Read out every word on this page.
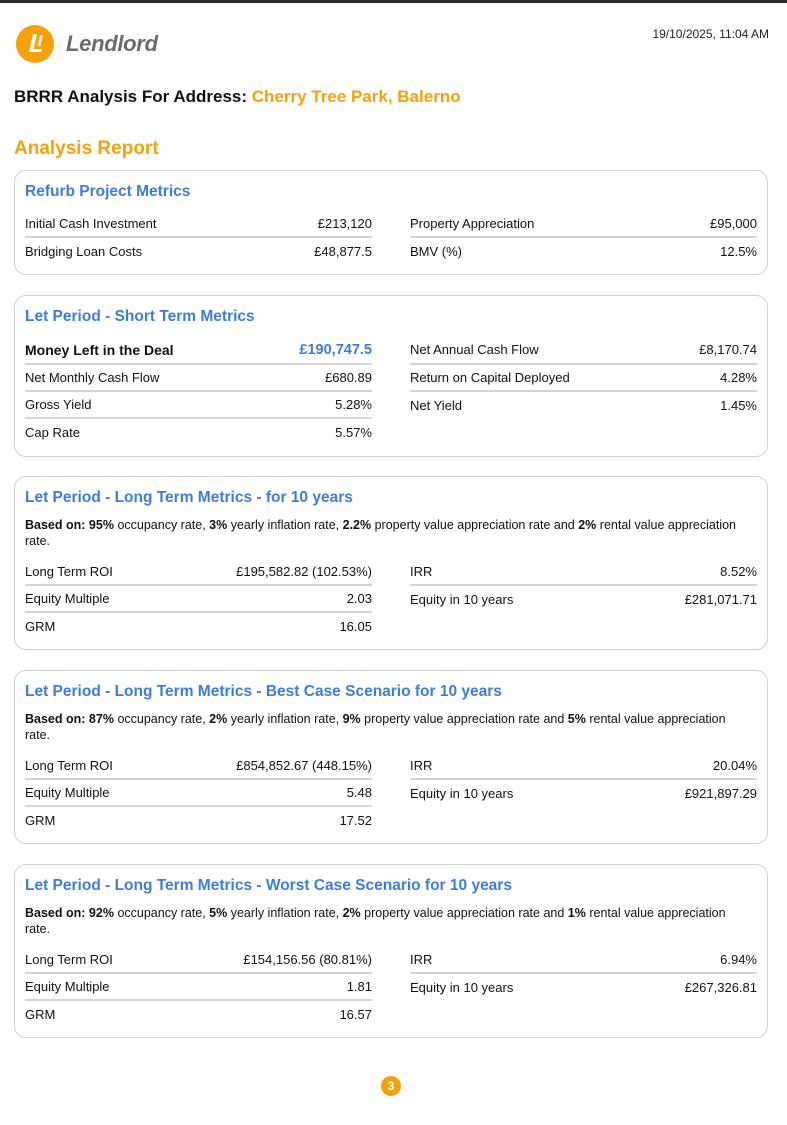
Lendlord	19/10/2025, 11:04 AM
BRRR Analysis For Address: Cherry Tree Park, Balerno
Analysis Report
Refurb Project Metrics
Initial Cash Investment	£213,120
Bridging Loan Costs	£48,877.5
Property Appreciation	£95,000
BMV (%)	12.5%
Let Period - Short Term Metrics
Money Left in the Deal	£190,747.5
Net Monthly Cash Flow	£680.89
Gross Yield	5.28%
Cap Rate	5.57%
Net Annual Cash Flow	£8,170.74
Return on Capital Deployed	4.28%
Net Yield	1.45%
Let Period - Long Term Metrics - for 10 years
Based on: 95% occupancy rate, 3% yearly inflation rate, 2.2% property value appreciation rate and 2% rental value appreciation rate.
Long Term ROI	£195,582.82 (102.53%)
Equity Multiple	2.03
GRM	16.05
IRR	8.52%
Equity in 10 years	£281,071.71
Let Period - Long Term Metrics - Best Case Scenario for 10 years
Based on: 87% occupancy rate, 2% yearly inflation rate, 9% property value appreciation rate and 5% rental value appreciation rate.
Long Term ROI	£854,852.67 (448.15%)
Equity Multiple	5.48
GRM	17.52
IRR	20.04%
Equity in 10 years	£921,897.29
Let Period - Long Term Metrics - Worst Case Scenario for 10 years
Based on: 92% occupancy rate, 5% yearly inflation rate, 2% property value appreciation rate and 1% rental value appreciation rate.
Long Term ROI	£154,156.56 (80.81%)
Equity Multiple	1.81
GRM	16.57
IRR	6.94%
Equity in 10 years	£267,326.81
3
